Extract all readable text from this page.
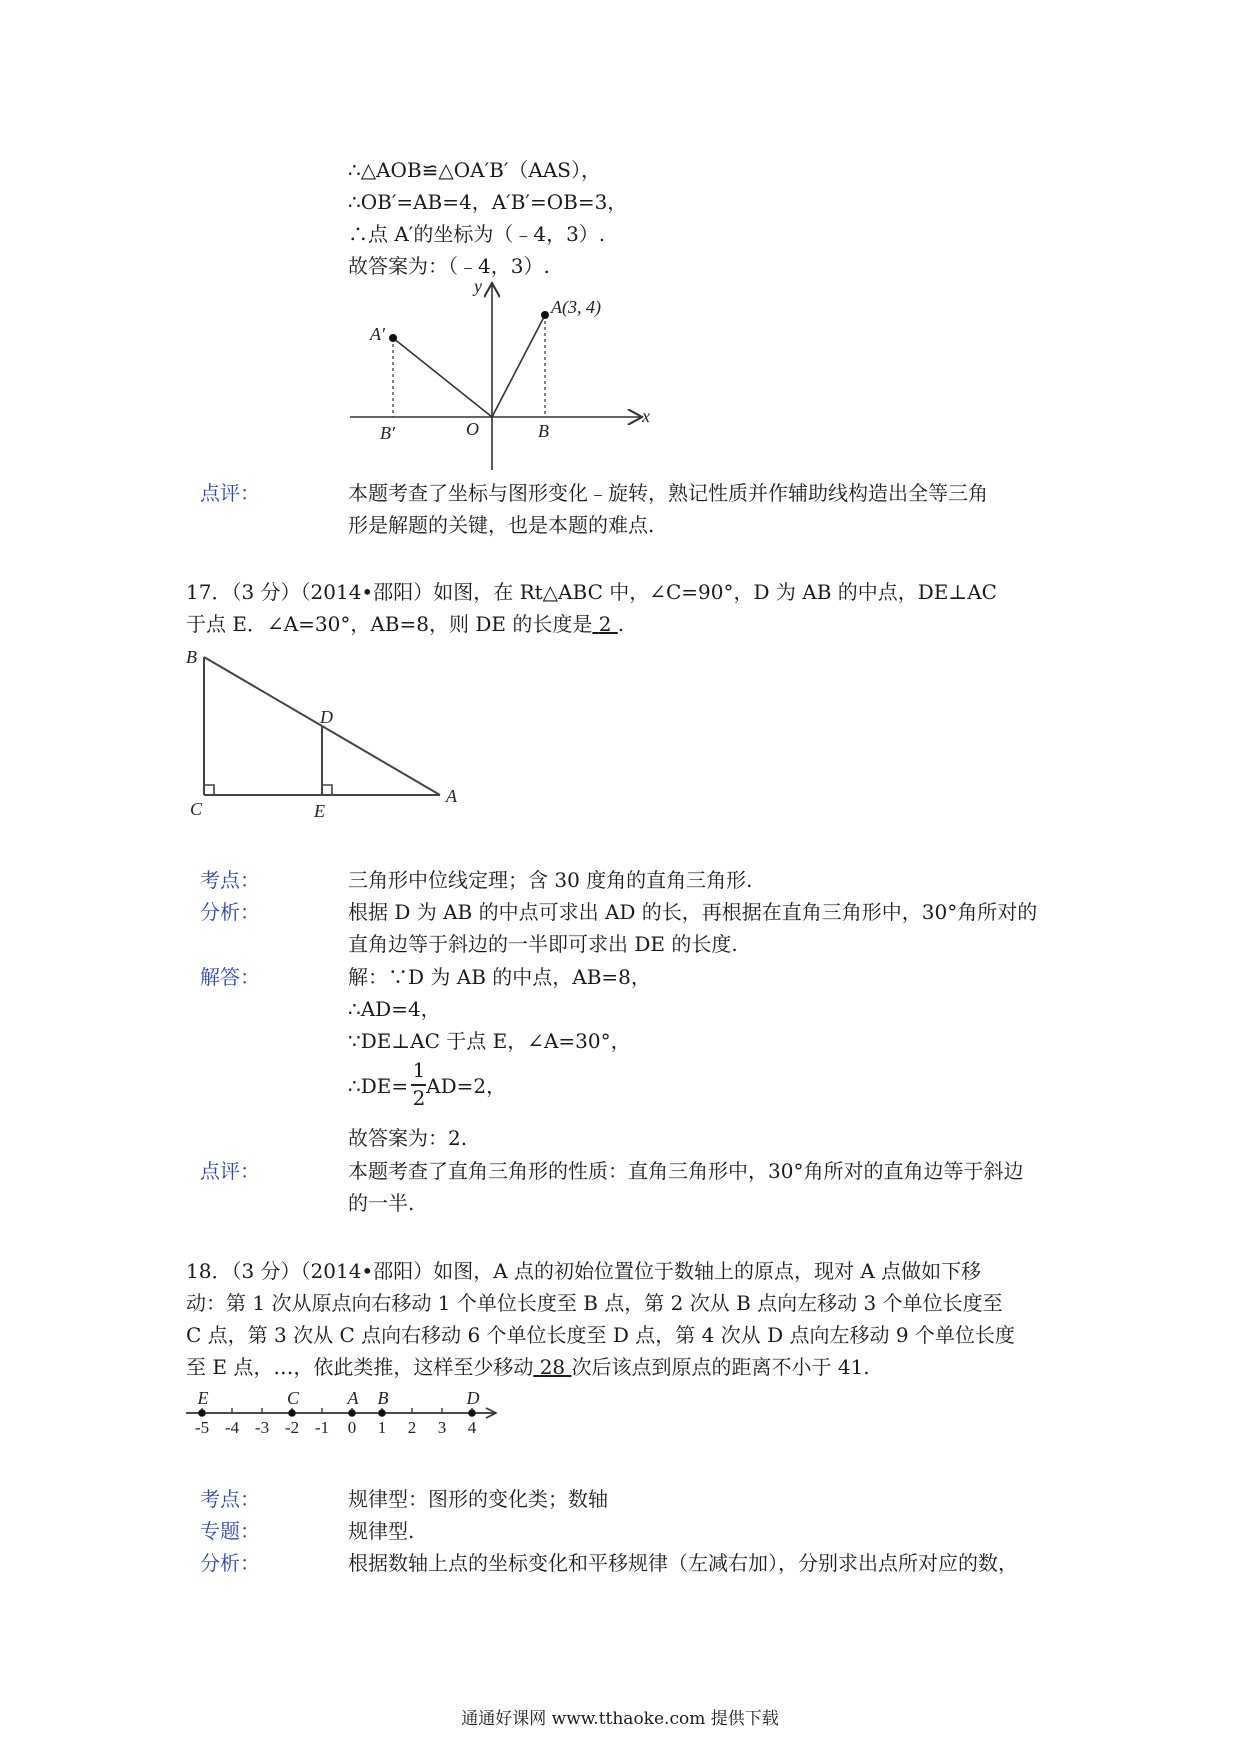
∴△AOB≌△OA′B′（AAS），
∴OB′=AB=4，A′B′=OB=3，
∴点 A′的坐标为（﹣4，3）.
故答案为：（﹣4，3）.
y
x
O	B
B′
A′
A(3, 4)
点评：	本题考查了坐标与图形变化﹣旋转，熟记性质并作辅助线构造出全等三角
形是解题的关键，也是本题的难点.
17．（3 分）（2014•邵阳）如图，在 Rt△ABC 中，∠C=90°，D 为 AB 的中点，DE⊥AC
于点 E．∠A=30°，AB=8，则 DE 的长度是 2 .
B
D
C	E
A
考点：	三角形中位线定理；含 30 度角的直角三角形.
分析：	根据 D 为 AB 的中点可求出 AD 的长，再根据在直角三角形中，30°角所对的
直角边等于斜边的一半即可求出 DE 的长度.
解答：	解：∵D 为 AB 的中点，AB=8，
∴AD=4，
∵DE⊥AC 于点 E，∠A=30°，
∴DE= AD=2，
1
2
故答案为：2.
点评：	本题考查了直角三角形的性质：直角三角形中，30°角所对的直角边等于斜边
的一半.
18．（3 分）（2014•邵阳）如图，A 点的初始位置位于数轴上的原点，现对 A 点做如下移
动：第 1 次从原点向右移动 1 个单位长度至 B 点，第 2 次从 B 点向左移动 3 个单位长度至
C 点，第 3 次从 C 点向右移动 6 个单位长度至 D 点，第 4 次从 D 点向左移动 9 个单位长度
至 E 点，…，依此类推，这样至少移动 28 次后该点到原点的距离不小于 41.
-5 -4 -3 -2 -1 0 1 2 3 4
E	C	A B	D
考点：	规律型：图形的变化类；数轴
专题：	规律型.
分析：	根据数轴上点的坐标变化和平移规律（左减右加），分别求出点所对应的数，
通通好课网 www.tthaoke.com 提供下载
